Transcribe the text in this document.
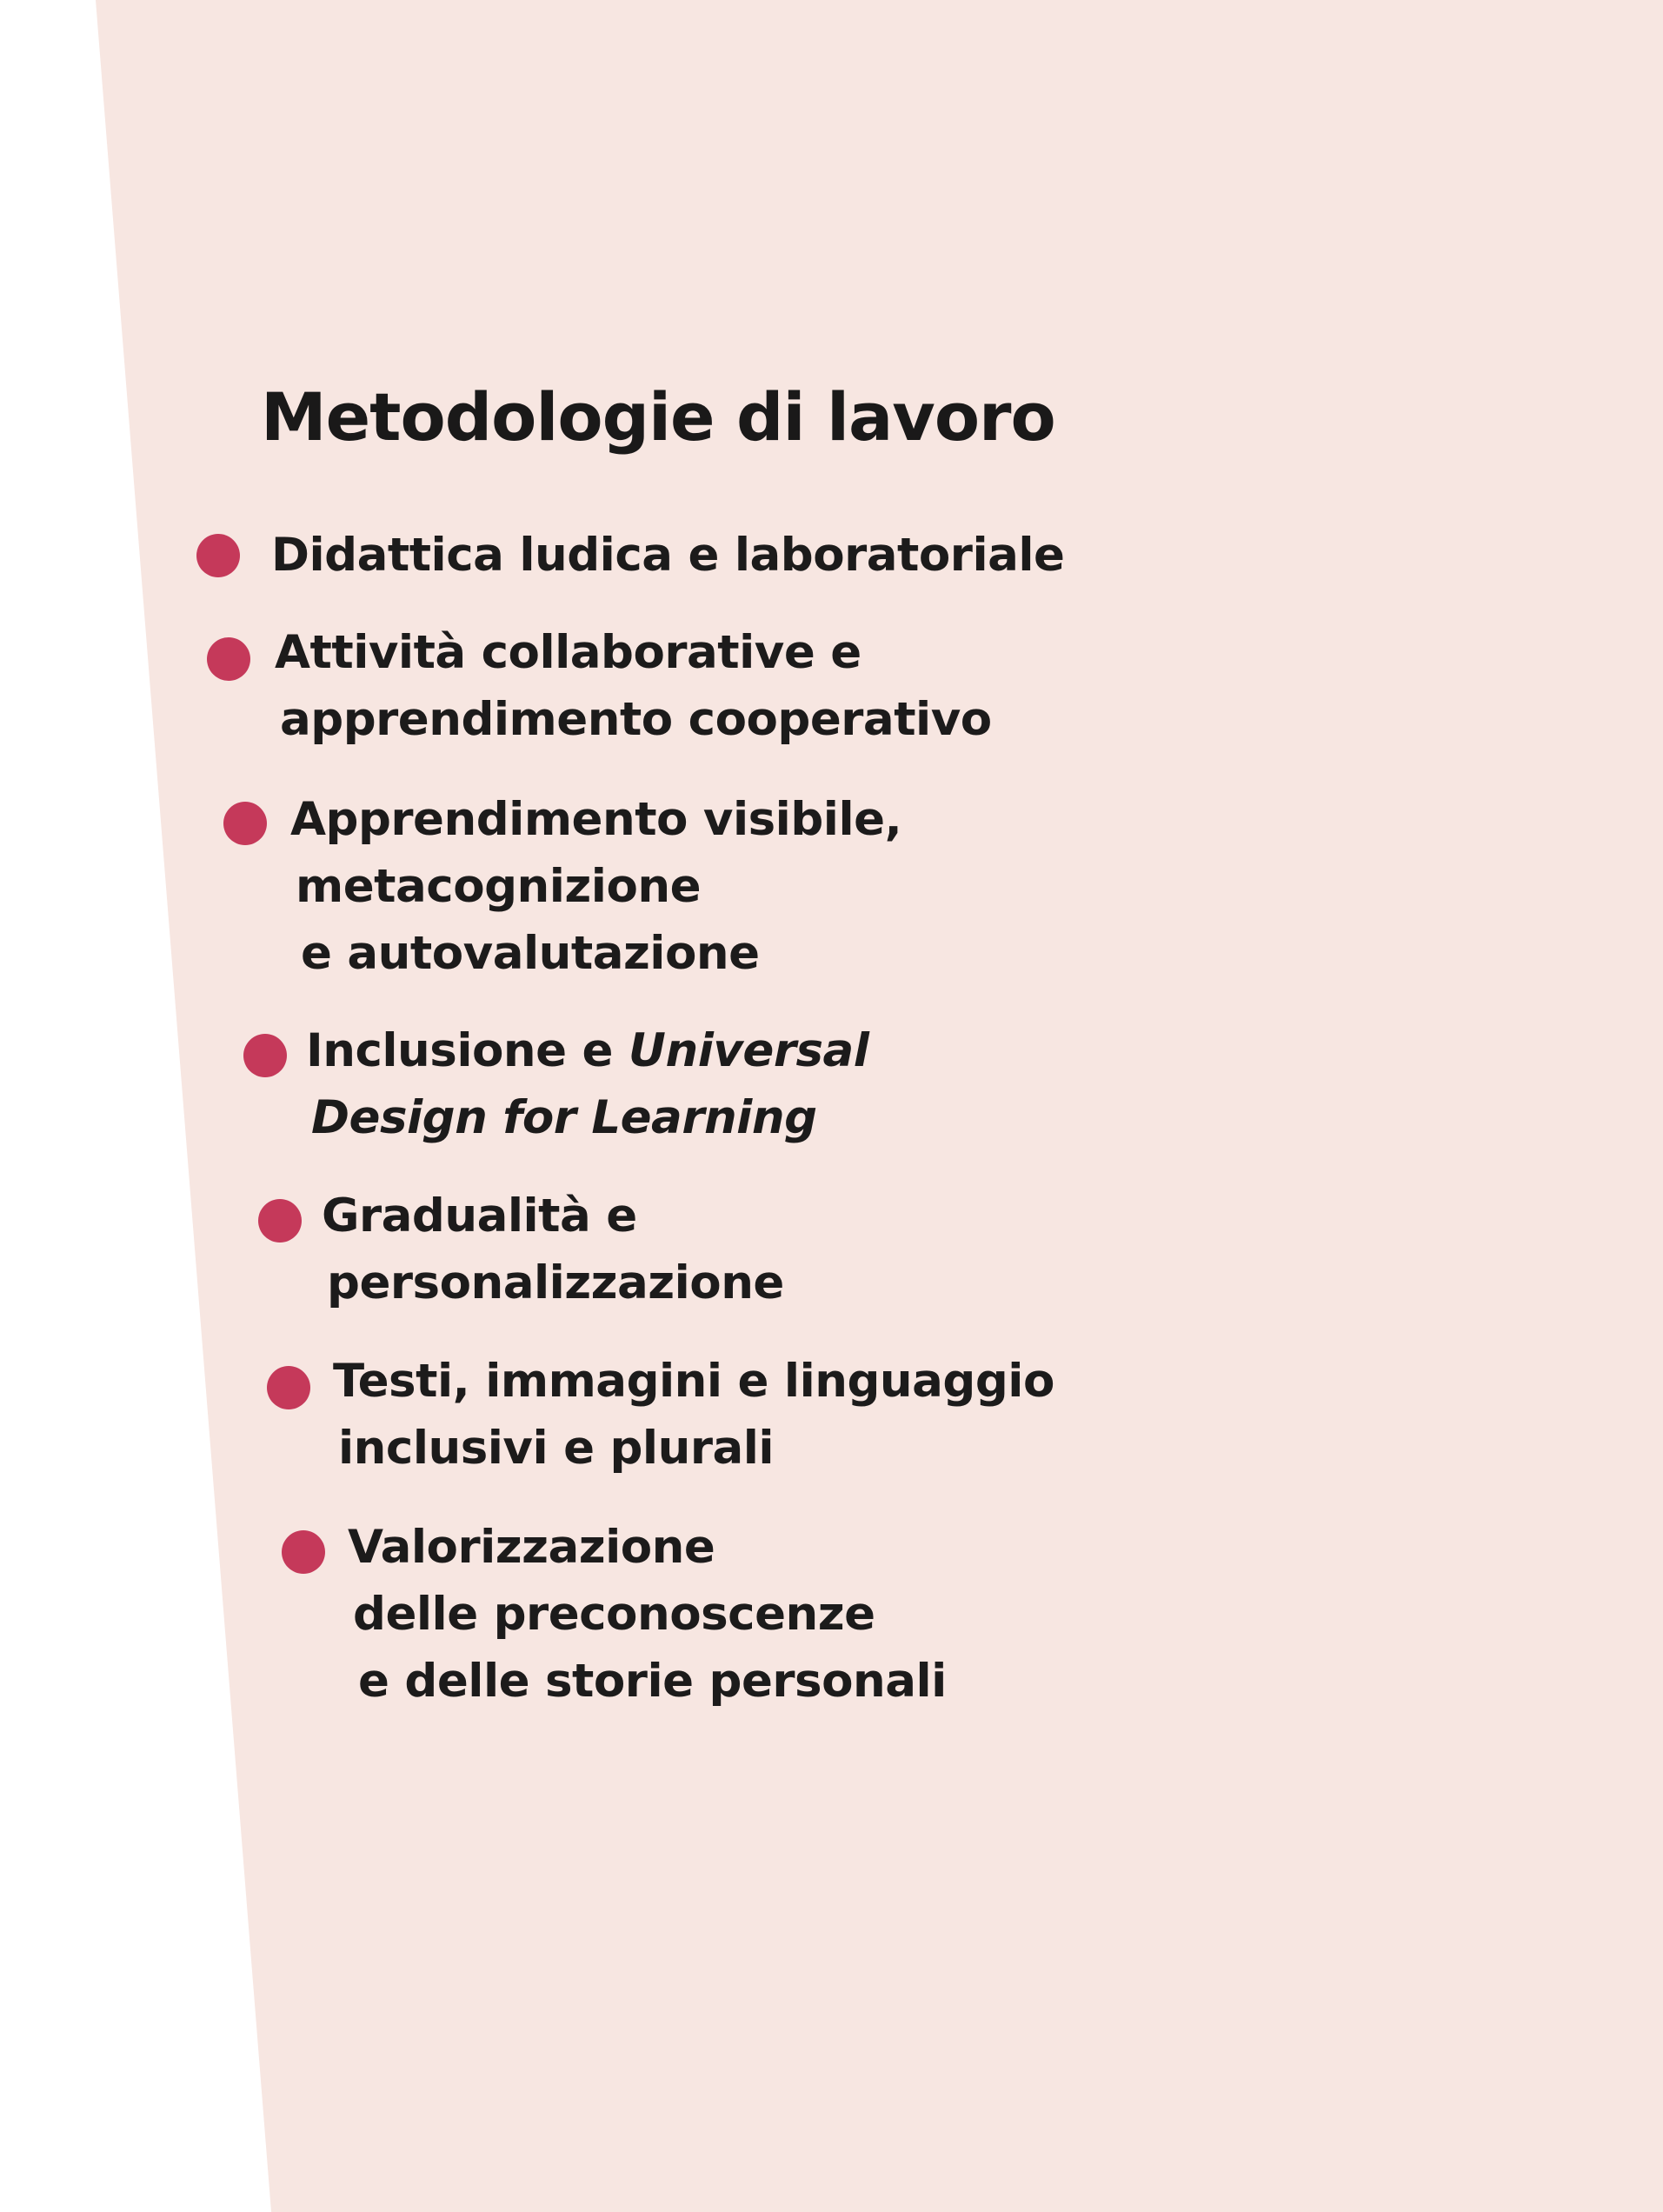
Metodologie di lavoro

Didattica ludica e laboratoriale

Attività collaborative e
apprendimento cooperativo

Apprendimento visibile,
metacognizione
e autovalutazione

Inclusione e Universal
Design for Learning

Gradualità e
personalizzazione

Testi, immagini e linguaggio
inclusivi e plurali

Valorizzazione
delle preconoscenze
e delle storie personali
